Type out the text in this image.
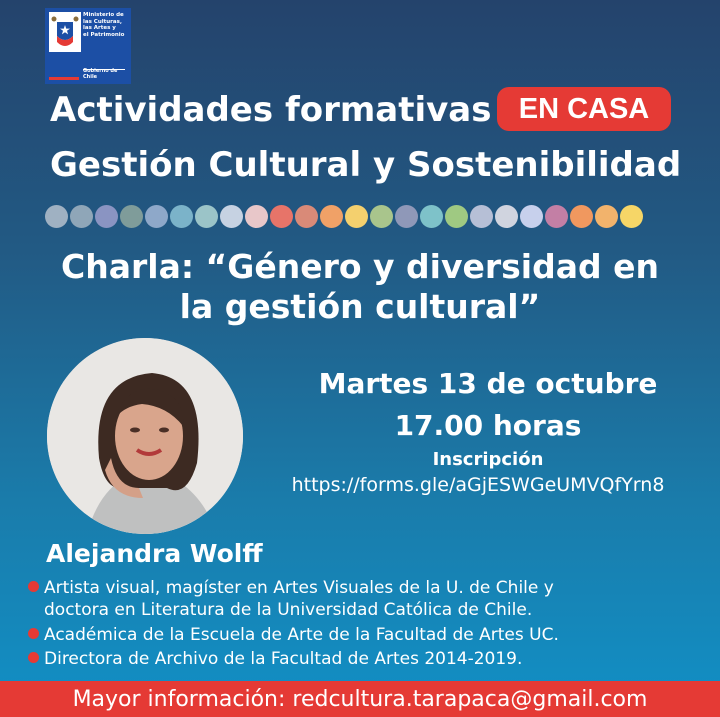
Ministerio de
las Culturas,
las Artes y
el Patrimonio
Gobierno de Chile
Actividades formativas EN CASA
Gestión Cultural y Sostenibilidad
Charla: “Género y diversidad en
la gestión cultural”
Martes 13 de octubre
17.00 horas
Inscripción
https://forms.gle/aGjESWGeUMVQfYrn8
Alejandra Wolff
Artista visual, magíster en Artes Visuales de la U. de Chile y
doctora en Literatura de la Universidad Católica de Chile.
Académica de la Escuela de Arte de la Facultad de Artes UC.
Directora de Archivo de la Facultad de Artes 2014-2019.
Mayor información: redcultura.tarapaca@gmail.com
